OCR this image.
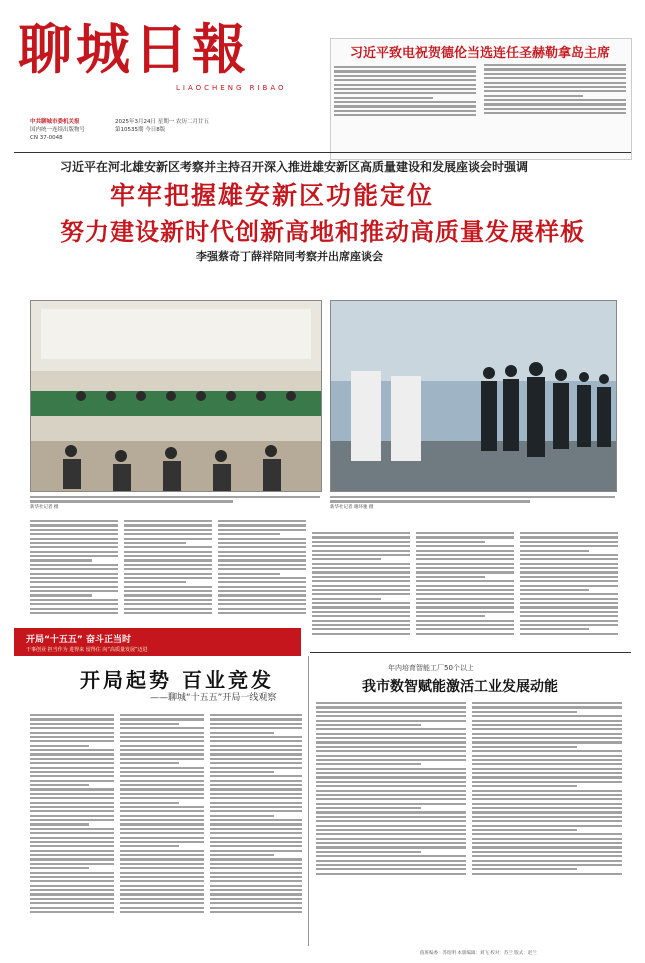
聊城日報
LIAOCHENG RIBAO
中共聊城市委机关报
国内统一连续出版物号
CN 37-0048
2025年3月24日 星期一 农历二月廿五
第10535期 今日8版
习近平致电祝贺德伦当选连任圣赫勒拿岛主席
习近平在河北雄安新区考察并主持召开深入推进雄安新区高质量建设和发展座谈会时强调
牢牢把握雄安新区功能定位
努力建设新时代创新高地和推动高质量发展样板
李强蔡奇丁薛祥陪同考察并出席座谈会
新华社记者 摄	新华社记者 谢环驰 摄
开局“十五五” 奋斗正当时
干事创业 担当作为 进得来 留得住 向“高质量发展”迈进
开局起势 百业竞发
——聊城“十五五”开局一线观察
年内培育智能工厂50个以上
我市数智赋能激活工业发展动能
值班编委：苏绍明 本版编辑：刘飞 校对：苏兰 版式：赵兰
